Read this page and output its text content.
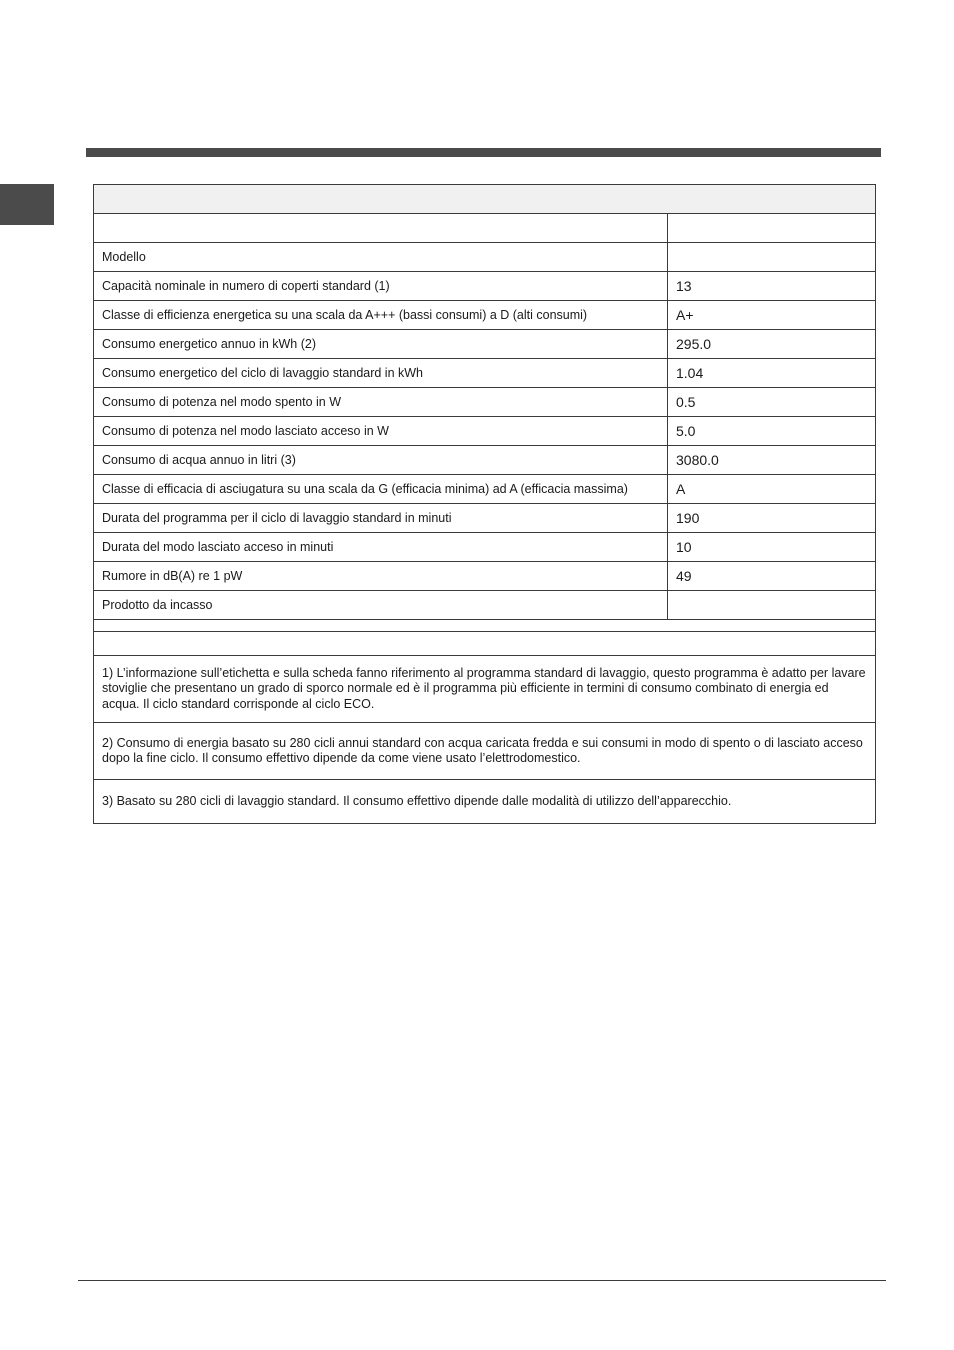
Modello	
Capacità nominale in numero di coperti standard (1)	13
Classe di efficienza energetica su una scala da A+++ (bassi consumi) a D (alti consumi)	A+
Consumo energetico annuo in kWh (2)	295.0
Consumo energetico del ciclo di lavaggio standard in kWh	1.04
Consumo di potenza nel modo spento in W	0.5
Consumo di potenza nel modo lasciato acceso in W	5.0
Consumo di acqua annuo in litri (3)	3080.0
Classe di efficacia di asciugatura su una scala da G (efficacia minima) ad A (efficacia massima)	A
Durata del programma per il ciclo di lavaggio standard in minuti	190
Durata del modo lasciato acceso in minuti	10
Rumore in dB(A) re 1 pW	49
Prodotto da incasso	

1) L’informazione sull’etichetta e sulla scheda fanno riferimento al programma standard di lavaggio, questo programma è adatto per lavare stoviglie che presentano un grado di sporco normale ed è il programma più efficiente in termini di consumo combinato di energia ed acqua. Il ciclo standard corrisponde al ciclo ECO.	
2) Consumo di energia basato su 280 cicli annui standard con acqua caricata fredda e sui consumi in modo di spento o di lasciato acceso dopo la fine ciclo. Il consumo effettivo dipende da come viene usato l’elettrodomestico.	
3) Basato su 280 cicli di lavaggio standard. Il consumo effettivo dipende dalle modalità di utilizzo dell’apparecchio.	
